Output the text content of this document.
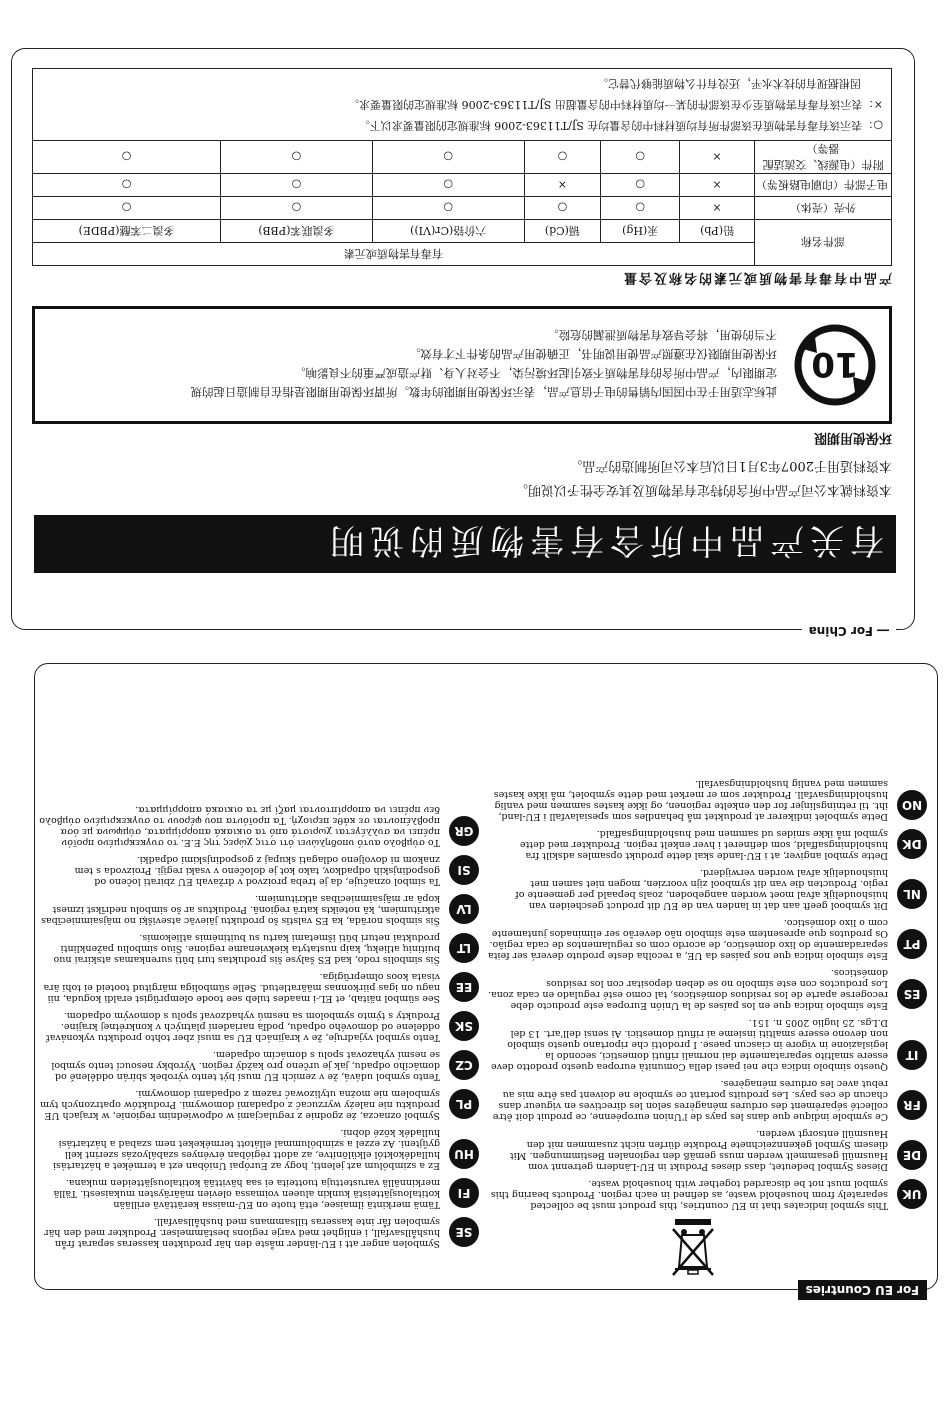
For EU Countries
UK
This symbol indicates that in EU countries, this product must be collected separately from household waste, as defined in each region. Products bearing this symbol must not be discarded together with household waste.
DE
Dieses Symbol bedeutet, dass dieses Produkt in EU-Ländern getrennt vom Hausmüll gesammelt werden muss gemäß den regionalen Bestimmungen. Mit diesem Symbol gekennzeichnete Produkte dürfen nicht zusammen mit den Hausmüll entsorgt werden.
FR
Ce symbole indique que dans les pays de l'Union européenne, ce produit doit être collecté séparément des ordures ménagères selon les directives en vigueur dans chacun de ces pays. Les produits portant ce symbole ne doivent pas être mis au rebut avec les ordures ménagères.
IT
Questo simbolo indica che nei paesi della Comunità europea questo prodotto deve essere smaltito separatamente dai normali rifiuti domestici, secondo la legislazione in vigore in ciascun paese. I prodotti che riportano questo simbolo non devono essere smaltiti insieme ai rifiuti domestici. Ai sensi dell'art. 13 del D.Lgs. 25 luglio 2005 n. 151.
ES
Este símbolo indica que en los países de la Unión Europea este producto debe recogerse aparte de los residuos domésticos, tal como esté regulado en cada zona. Los productos con este símbolo no se deben depositar con los residuos domésticos.
PT
Este símbolo indica que nos países da UE, a recolha deste produto deverá ser feita separadamente do lixo doméstico, de acordo com os regulamentos de cada região. Os produtos que apresentem este símbolo não deverão ser eliminados juntamente com o lixo doméstico.
NL
Dit symbool geeft aan dat in landen van de EU dit product gescheiden van huishoudelijk afval moet worden aangeboden, zoals bepaald per gemeente of regio. Producten die van dit symbool zijn voorzien, mogen niet samen met huishoudelijk afval worden verwijderd.
DK
Dette symbol angiver, at i EU-lande skal dette produkt opsamles adskilt fra husholdningsaffald, som defineret i hver enkelt region. Produkter med dette symbol må ikke smides ud sammen med husholdningsaffald.
NO
Dette symbolet indikerer at produktet må behandles som spesialavfall i EU-land, iht. til retningslinjer for den enkelte regionen, og ikke kastes sammen med vanlig husholdningsavfall. Produkter som er merket med dette symbolet, må ikke kastes sammen med vanlig husholdningsavfall.
SE
Symbolen anger att i EU-länder måste den här produkten kasseras separat från hushållsavfall, i enlighet med varje regions bestämmelser. Produkter med den här symbolen får inte kasseras tillsammans med hushållsavfall.
FI
Tämä merkintä ilmaisee, että tuote on EU-maissa kerättävä erillään kotitalousjätteistä kunkin alueen voimassa olevien määräysten mukaisesti. Tällä merkinnällä varustettuja tuotteita ei saa hävittää kotitalousjätteiden mukana.
HU
Ez a szimbólum azt jelenti, hogy az Európai Unióban ezt a terméket a háztartási hulladékoktól elkülönítve, az adott régióban érvényes szabályozás szerint kell gyűjteni. Az ezzel a szimbólummal ellátott termékeket nem szabad a háztartási hulladék közé dobni.
PL
Symbol oznacza, że zgodnie z regulacjami w odpowiednim regionie, w krajach UE produktu nie należy wyrzucać z odpadami domowymi. Produktów opatrzonych tym symbolem nie można utylizować razem z odpadami domowymi.
CZ
Tento symbol udává, že v zemích EU musí být tento výrobek sbírán odděleně od domácího odpadu, jak je určeno pro každý region. Výrobky nesoucí tento symbol se nesmí vyhazovat spolu s domácím odpadem.
SK
Tento symbol vyjadruje, že v krajinách EU sa musí zber tohto produktu vykonávať oddelene od domového odpadu, podľa nariadení platných v konkrétnej krajine. Produkty s týmto symbolom sa nesmú vyhadzovať spolu s domovým odpadom.
EE
See sümbol näitab, et EL-i maades tuleb see toode olemprügist eraldi koguda, nii nagu on igas piirkonnas määratletud. Selle sümboliga märgitud tooteid ei tohi ära visata koos olmeprügiga.
LT
Šis simbolis rodo, kad ES šalyse šis produktas turi būti surenkamas atskirai nuo buitinių atliekų, kaip nustatyta kiekviename regione. Šiuo simboliu paženklinti produktai neturi būti išmetami kartu su buitinėmis atliekomis.
LV
Šis simbols norāda, ka ES valstīs šo produktu jāievāc atsevišķi no mājsaimniecības atkritumiem, kā noteikts katrā reģionā. Produktus ar šo simbolu nedrīkst izmest kopā ar mājsaimniecības atkritumiem.
SI
Ta simbol označuje, da je treba proizvod v državah EU zbirati ločeno od gospodinjskih odpadkov, tako kot je določeno v vsaki regiji. Proizvoda s tem znakom ni dovoljeno odlagati skupaj z gospodinjskimi odpadki.
GR
Το σύμβολο αυτό υποδηλώνει ότι στις χώρες της Ε.Ε. το συγκεκριμένο προϊόν πρέπει να συλλέγεται χωριστά από τα οικιακά απορρίμματα, σύμφωνα με όσα προβλέπονται σε κάθε περιοχή. Τα προϊόντα που φέρουν το συγκεκριμένο σύμβολο δεν πρέπει να απορρίπτονται μαζί με τα οικιακά απορρίμματα.
― For China
有关产品中所含有害物质的说明
本资料就本公司产品中所含的特定有害物质及其安全性予以说明。
本资料适用于2007年3月1日以后本公司所制造的产品。
环保使用期限
10
此标志适用于在中国国内销售的电子信息产品，表示环保使用期限的年数。所谓环保使用期限是指在自制造日起的规
定期限内，产品中所含的有害物质不致引起环境污染，不会对人身、财产造成严重的不良影响。
环保使用期限仅在遵照产品使用说明书，正确使用产品的条件下才有效。
不当的使用，将会导致有害物质泄漏的危险。
产品中有毒有害物质或元素的名称及含量
部件名称	有毒有害物质或元素					
	铅(Pb)	汞(Hg)	镉(Cd)	六价铬(Cr(VI))	多溴联苯(PBB)	多溴二苯醚(PBDE)
外壳（壳体）	×	○	○	○	○	○
电子部件（印刷电路板等）	×	○	×	○	○	○
附件（电源线、交流适配器等）	×	○	○	○	○	○

○：表示该有毒有害物质在该部件所有均质材料中的含量均在 SJ/T11363-2006 标准规定的限量要求以下。
×：表示该有毒有害物质至少在该部件的某一均质材料中的含量超出 SJ/T11363-2006 标准规定的限量要求。
因根据现有的技术水平，还没有什么物质能够代替它。						
